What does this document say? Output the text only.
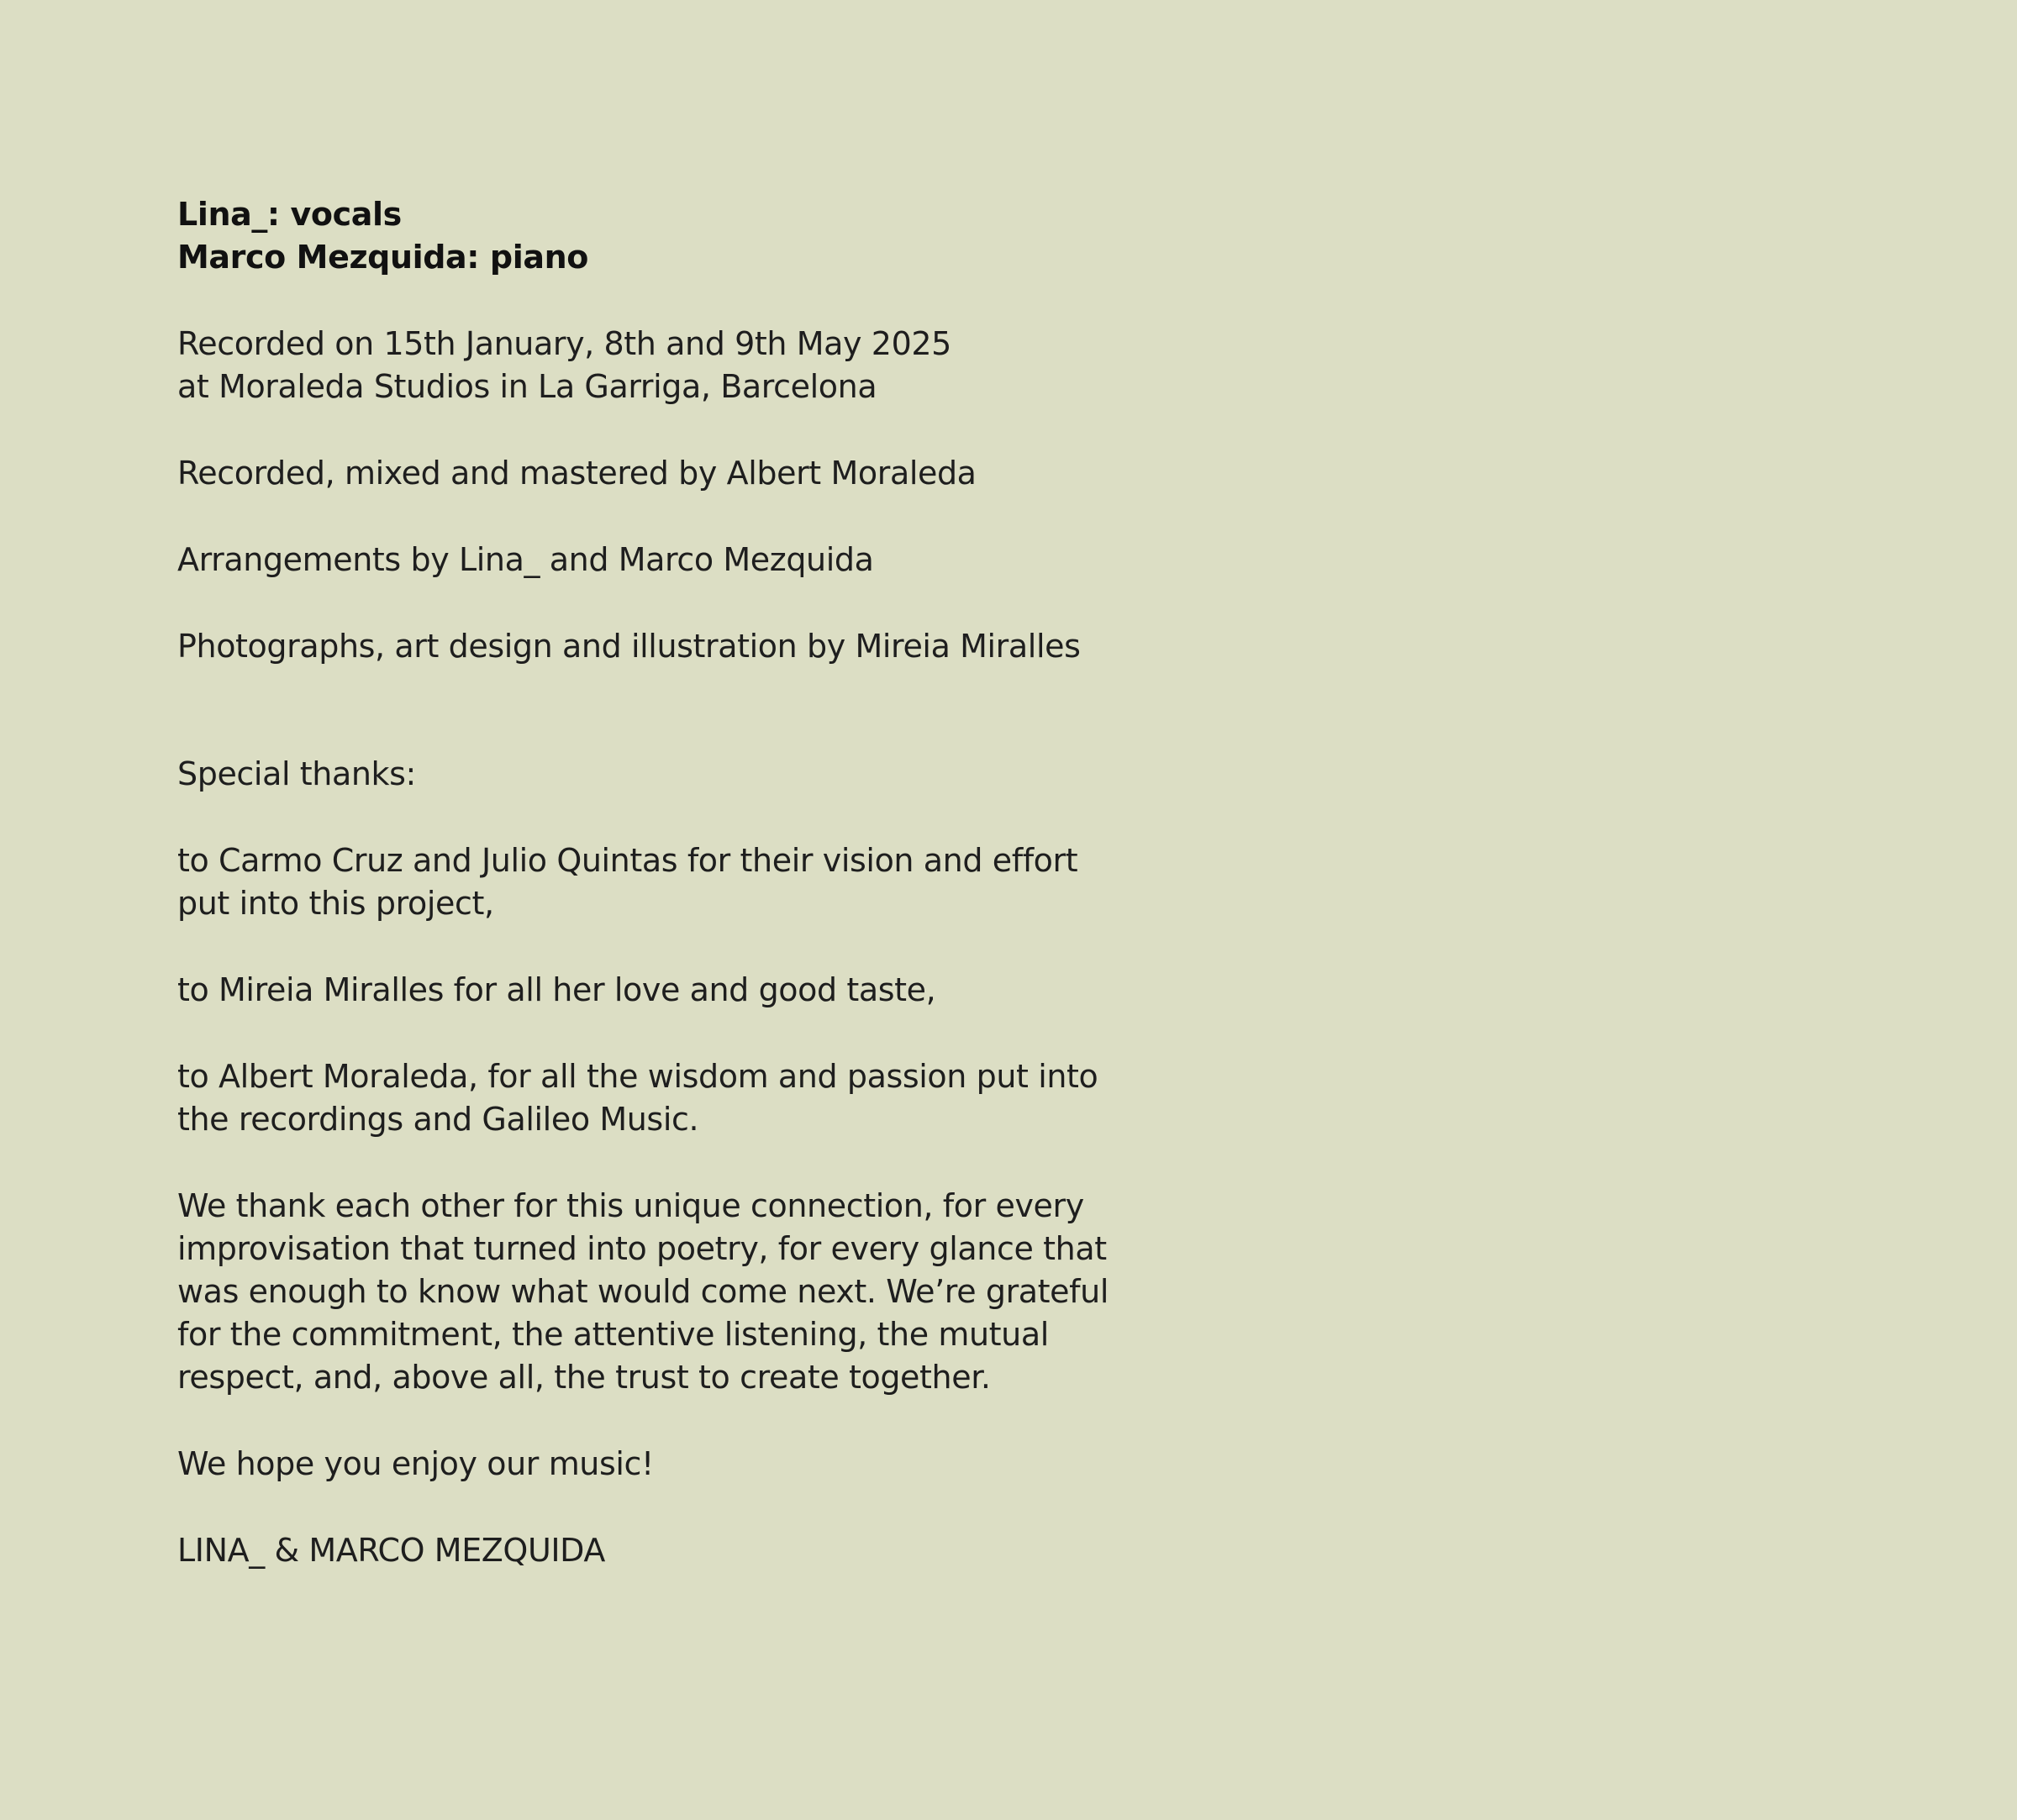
Lina_: vocals
Marco Mezquida: piano
Recorded on 15th January, 8th and 9th May 2025
at Moraleda Studios in La Garriga, Barcelona
Recorded, mixed and mastered by Albert Moraleda
Arrangements by Lina_ and Marco Mezquida
Photographs, art design and illustration by Mireia Miralles
Special thanks:
to Carmo Cruz and Julio Quintas for their vision and effort
put into this project,
to Mireia Miralles for all her love and good taste,
to Albert Moraleda, for all the wisdom and passion put into
the recordings and Galileo Music.
We thank each other for this unique connection, for every
improvisation that turned into poetry, for every glance that
was enough to know what would come next. We’re grateful
for the commitment, the attentive listening, the mutual
respect, and, above all, the trust to create together.
We hope you enjoy our music!
LINA_ & MARCO MEZQUIDA
